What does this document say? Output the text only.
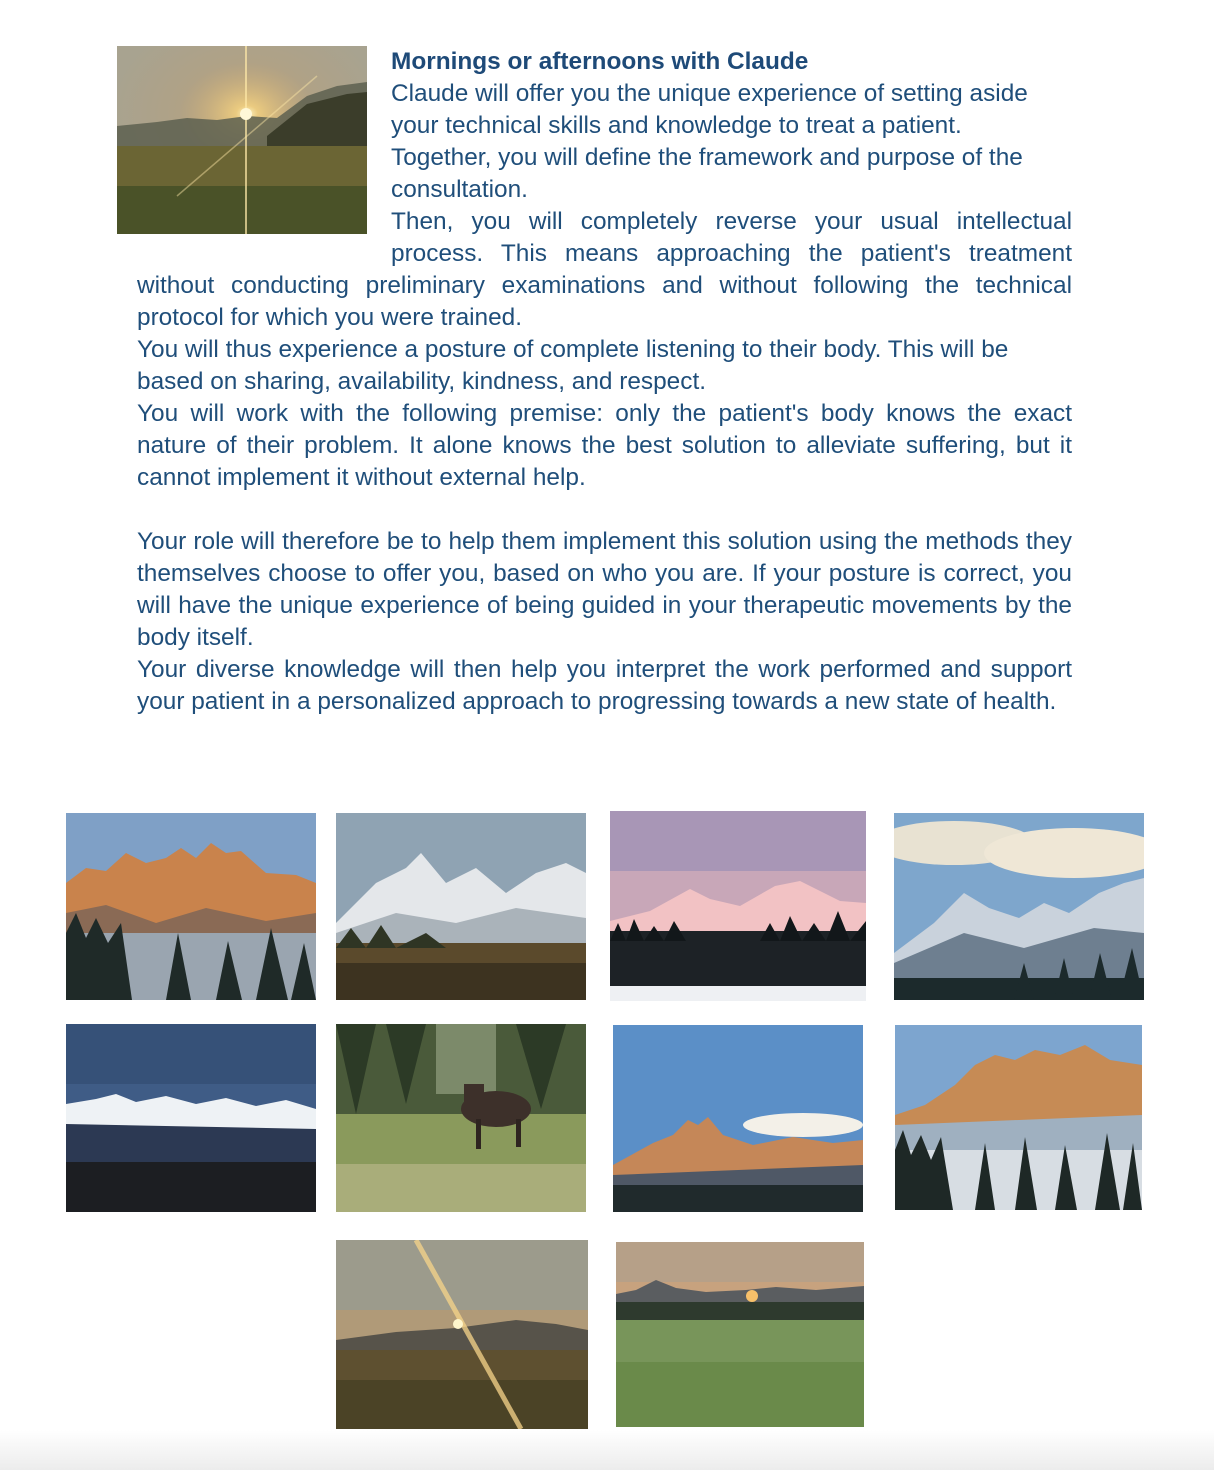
Mornings or afternoons with Claude

Claude will offer you the unique experience of setting aside your technical skills and knowledge to treat a patient.

Together, you will define the framework and purpose of the consultation.

Then, you will completely reverse your usual intellectual process. This means approaching the patient's treatment without conducting preliminary examinations and without following the technical protocol for which you were trained.

You will thus experience a posture of complete listening to their body. This will be based on sharing, availability, kindness, and respect.

You will work with the following premise: only the patient's body knows the exact nature of their problem. It alone knows the best solution to alleviate suffering, but it cannot implement it without external help.

Your role will therefore be to help them implement this solution using the methods they themselves choose to offer you, based on who you are. If your posture is correct, you will have the unique experience of being guided in your therapeutic movements by the body itself.

Your diverse knowledge will then help you interpret the work performed and support your patient in a personalized approach to progressing towards a new state of health.
